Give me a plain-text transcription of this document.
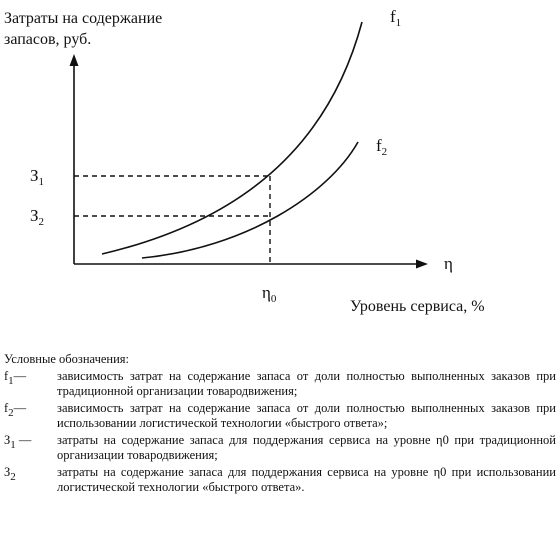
Затраты на содержание
запасов, руб.
$f_1$
$f_2$
$З_1$
$З_2$
η
$\eta_0$	Уровень сервиса, %
Условные обозначения:
f1—	зависимость затрат на содержание запаса от доли полностью выполненных заказов при традиционной организации товародвижения;
f2—	зависимость затрат на содержание запаса от доли полностью выполненных заказов при использовании логистической технологии «быстрого ответа»;
З1 —	затраты на содержание запаса для поддержания сервиса на уровне η0 при традиционной организации товародвижения;
З2	затраты на содержание запаса для поддержания сервиса на уровне η0 при использовании логистической технологии «быстрого ответа».
